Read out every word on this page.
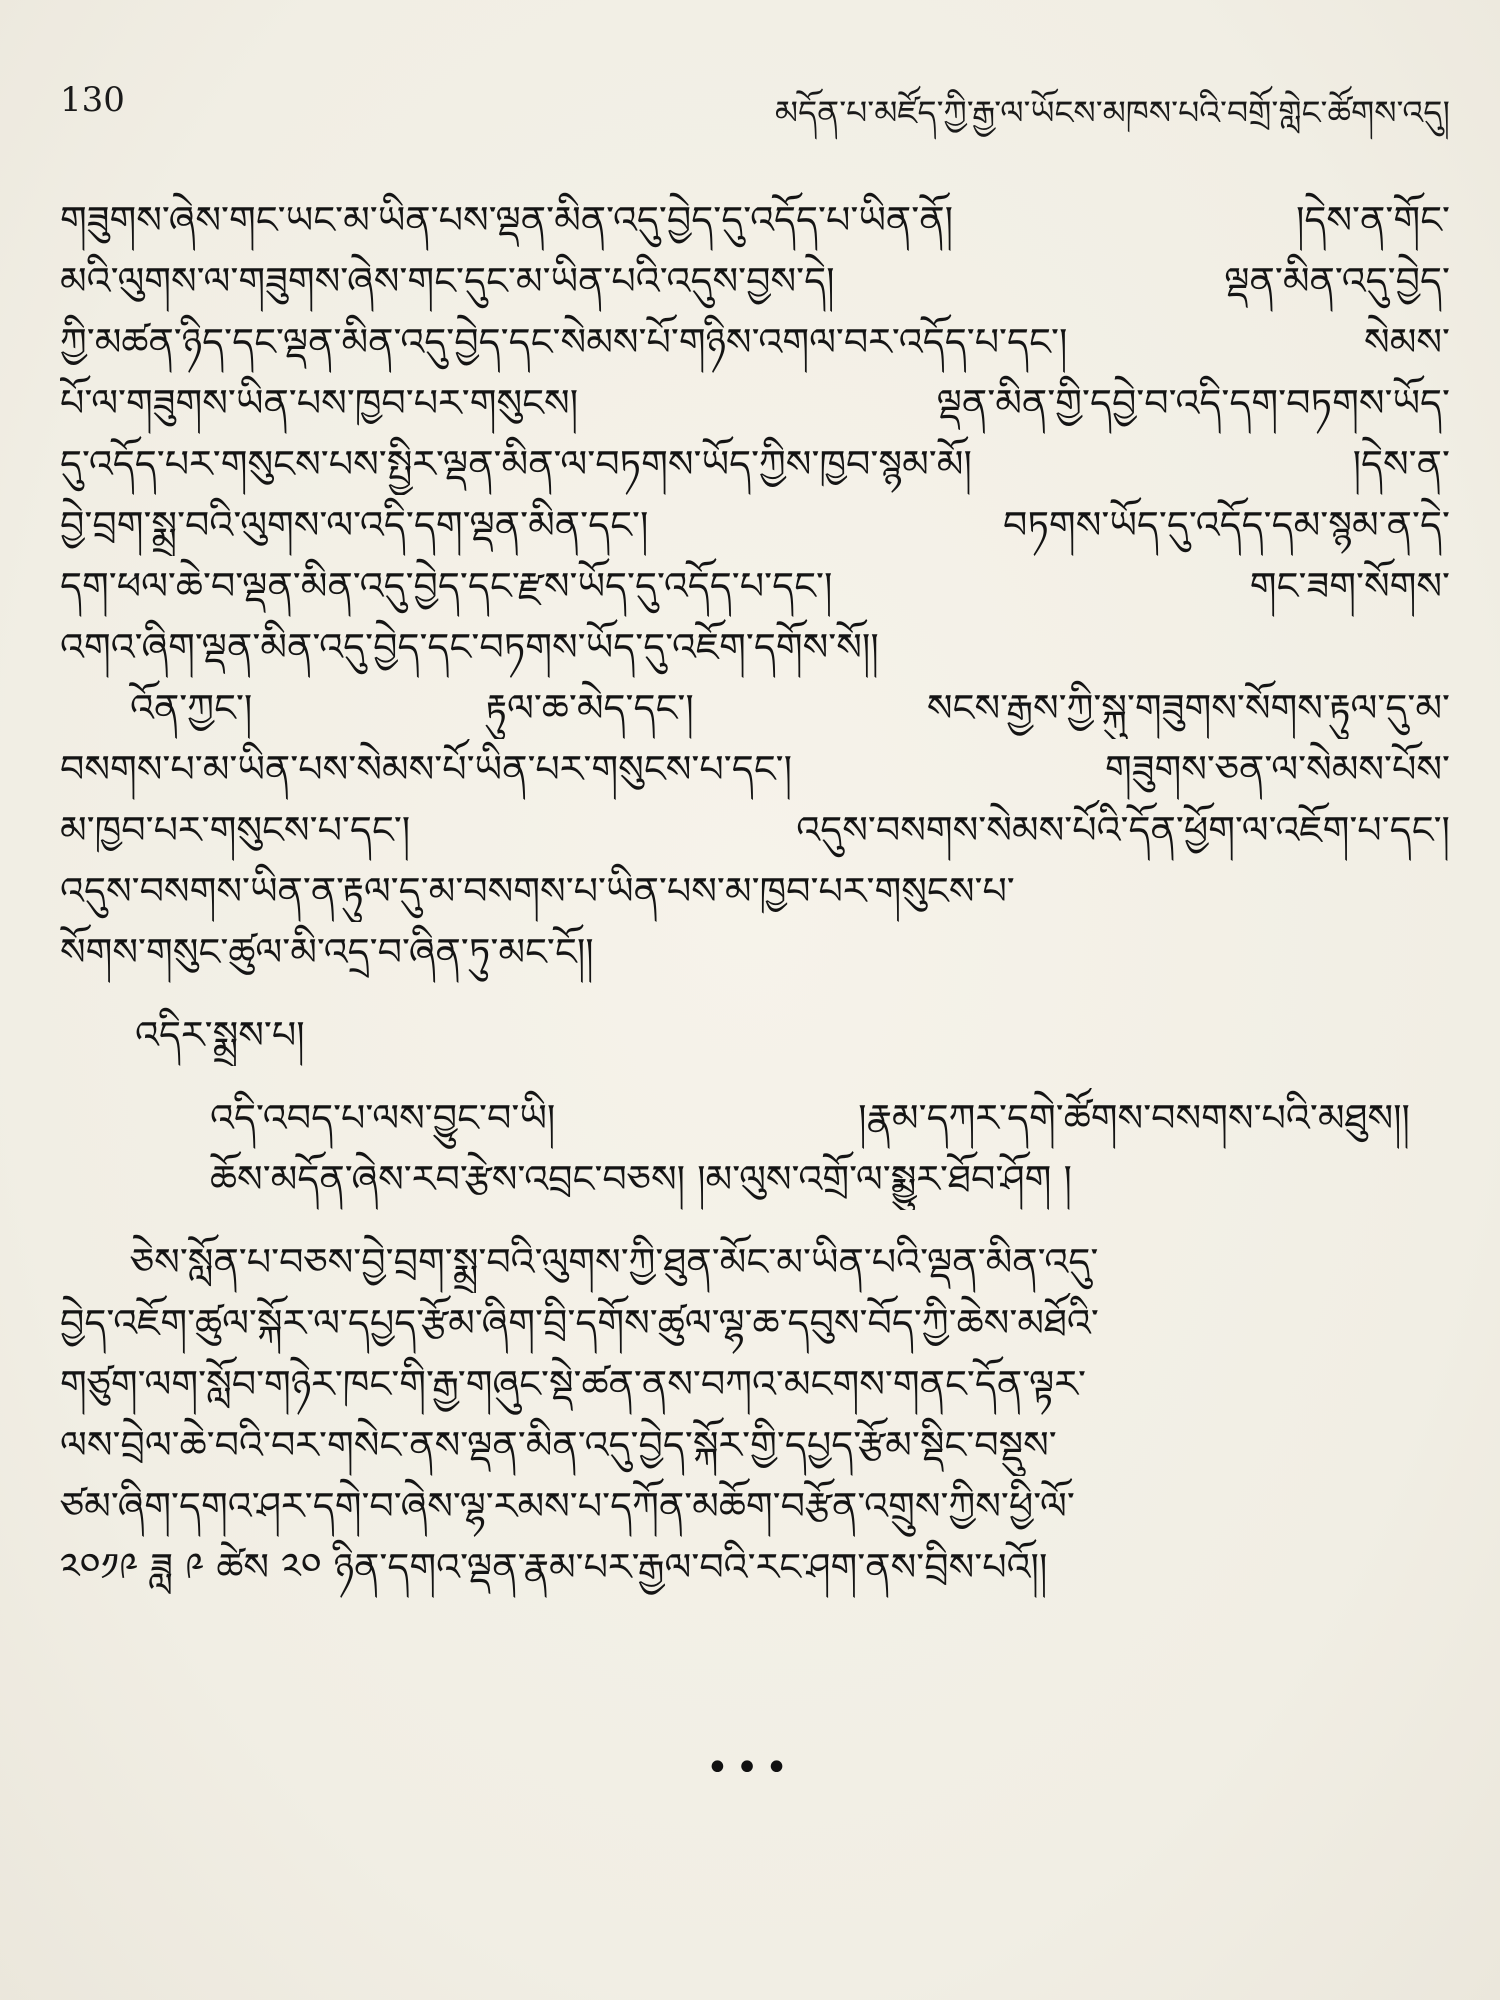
130	མདོན་པ་མཛོད་ཀྱི་རྒྱ་ལ་ཡོངས་མཁས་པའི་བགྲོ་གླེང་ཚོགས་འདུ།
གཟུགས་ཞེས་གང་ཡང་མ་ཡིན་པས་ལྡན་མིན་འདུ་བྱེད་དུ་འདོད་པ་ཡིན་ནོ། །དེས་ན་གོང་
མའི་ལུགས་ལ་གཟུགས་ཞེས་གང་དུང་མ་ཡིན་པའི་འདུས་བྱས་དེ། ལྡན་མིན་འདུ་བྱེད་
ཀྱི་མཚན་ཉིད་དང་ལྡན་མིན་འདུ་བྱེད་དང་སེམས་པོ་གཉིས་འགལ་བར་འདོད་པ་དང་། སེམས་
པོ་ལ་གཟུགས་ཡིན་པས་ཁྱབ་པར་གསུངས། ལྡན་མིན་གྱི་དབྱེ་བ་འདི་དག་བཏགས་ཡོད་
དུ་འདོད་པར་གསུངས་པས་སྤྱིར་ལྡན་མིན་ལ་བཏགས་ཡོད་ཀྱིས་ཁྱབ་སྙམ་མོ། །དེས་ན་
བྱེ་བྲག་སྨྲ་བའི་ལུགས་ལ་འདི་དག་ལྡན་མིན་དང་། བཏགས་ཡོད་དུ་འདོད་དམ་སྙམ་ན་དེ་
དག་ཕལ་ཆེ་བ་ལྡན་མིན་འདུ་བྱེད་དང་རྫས་ཡོད་དུ་འདོད་པ་དང་། གང་ཟག་སོགས་
འགའ་ཞིག་ལྡན་མིན་འདུ་བྱེད་དང་བཏགས་ཡོད་དུ་འཇོག་དགོས་སོ།།
འོན་ཀྱང་། རྟུལ་ཆ་མེད་དང་། སངས་རྒྱས་ཀྱི་སྐུ་གཟུགས་སོགས་རྟུལ་དུ་མ་
བསགས་པ་མ་ཡིན་པས་སེམས་པོ་ཡིན་པར་གསུངས་པ་དང་། གཟུགས་ཅན་ལ་སེམས་པོས་
མ་ཁྱབ་པར་གསུངས་པ་དང་། འདུས་བསགས་སེམས་པོའི་དོན་ཕྱོག་ལ་འཇོག་པ་དང་།
འདུས་བསགས་ཡིན་ན་རྟུལ་དུ་མ་བསགས་པ་ཡིན་པས་མ་ཁྱབ་པར་གསུངས་པ་
སོགས་གསུང་ཚུལ་མི་འདྲ་བ་ཞིན་ཏུ་མང་ངོ།།
འདིར་སྨྲས་པ།
འདི་འབད་པ་ལས་བྱུང་བ་ཡི། །རྣམ་དཀར་དགེ་ཚོགས་བསགས་པའི་མཐུས།།
ཆོས་མདོན་ཞེས་རབ་རྩེས་འབྲང་བཅས། །མ་ལུས་འགྲོ་ལ་སྨྱུར་ཐོབ་ཤོག །
ཅེས་སློན་པ་བཅས་བྱེ་བྲག་སྨྲ་བའི་ལུགས་ཀྱི་ཐུན་མོང་མ་ཡིན་པའི་ལྡན་མིན་འདུ་
བྱེད་འཇོག་ཚུལ་སྐོར་ལ་དཔྱད་རྩོམ་ཞིག་བྲི་དགོས་ཚུལ་ལྷ་ཆ་དབུས་བོད་ཀྱི་ཆེས་མཐོའི་
གཙུག་ལག་སློབ་གཉེར་ཁང་གི་རྒྱ་གཞུང་སྡེ་ཚན་ནས་བཀའ་མངགས་གནང་དོན་ལྟར་
ལས་བྲེལ་ཆེ་བའི་བར་གསེང་ནས་ལྡན་མིན་འདུ་བྱེད་སྐོར་གྱི་དཔྱད་རྩོམ་སྡིང་བསྡུས་
ཙམ་ཞིག་དགའ་ཤར་དགེ་བ་ཞེས་ལྷ་རམས་པ་དཀོན་མཆོག་བརྩོན་འགྲུས་ཀྱིས་ཕྱི་ལོ་
༢༠༡༩ ཟླ ༩ ཚེས ༢༠ ཉིན་དགའ་ལྡན་རྣམ་པར་རྒྱལ་བའི་རང་ཤག་ནས་བྲིས་པའོ།།
•••
